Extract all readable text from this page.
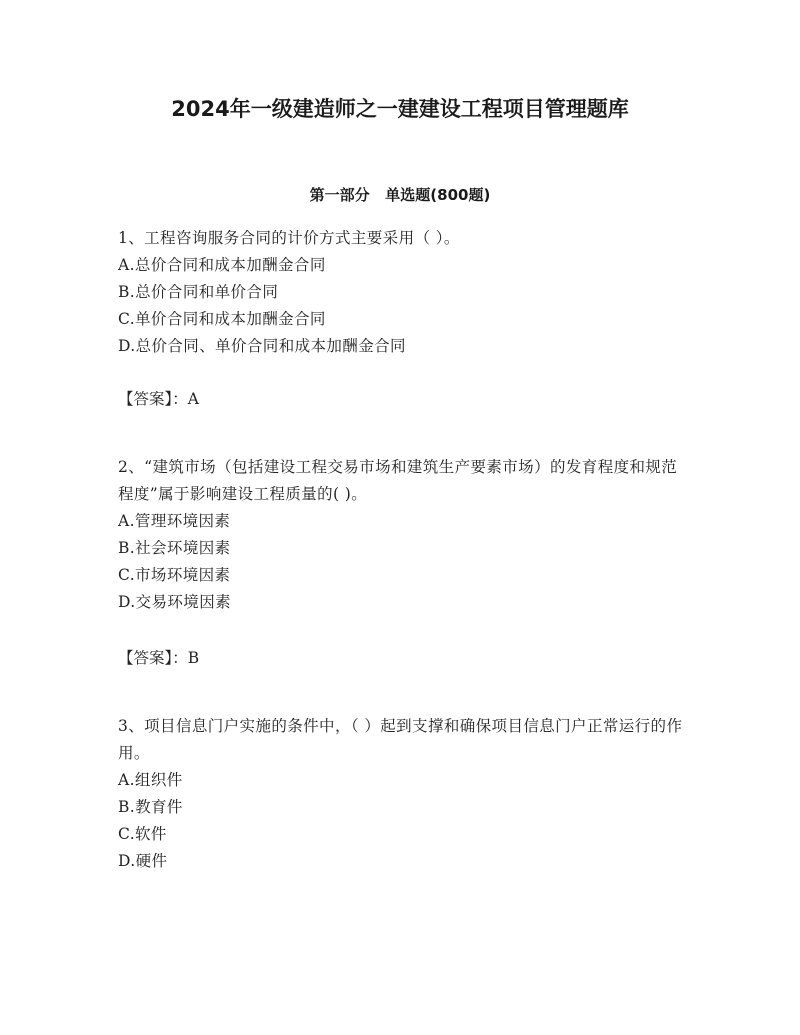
2024年一级建造师之一建建设工程项目管理题库
第一部分   单选题(800题)

1、工程咨询服务合同的计价方式主要采用（ ）。

A.总价合同和成本加酬金合同

B.总价合同和单价合同

C.单价合同和成本加酬金合同

D.总价合同、单价合同和成本加酬金合同

【答案】：A

2、“建筑市场（包括建设工程交易市场和建筑生产要素市场）的发育程度和规范程度”属于影响建设工程质量的( )。

A.管理环境因素

B.社会环境因素

C.市场环境因素

D.交易环境因素

【答案】：B

3、项目信息门户实施的条件中，（ ）起到支撑和确保项目信息门户正常运行的作用。

A.组织件

B.教育件

C.软件

D.硬件
